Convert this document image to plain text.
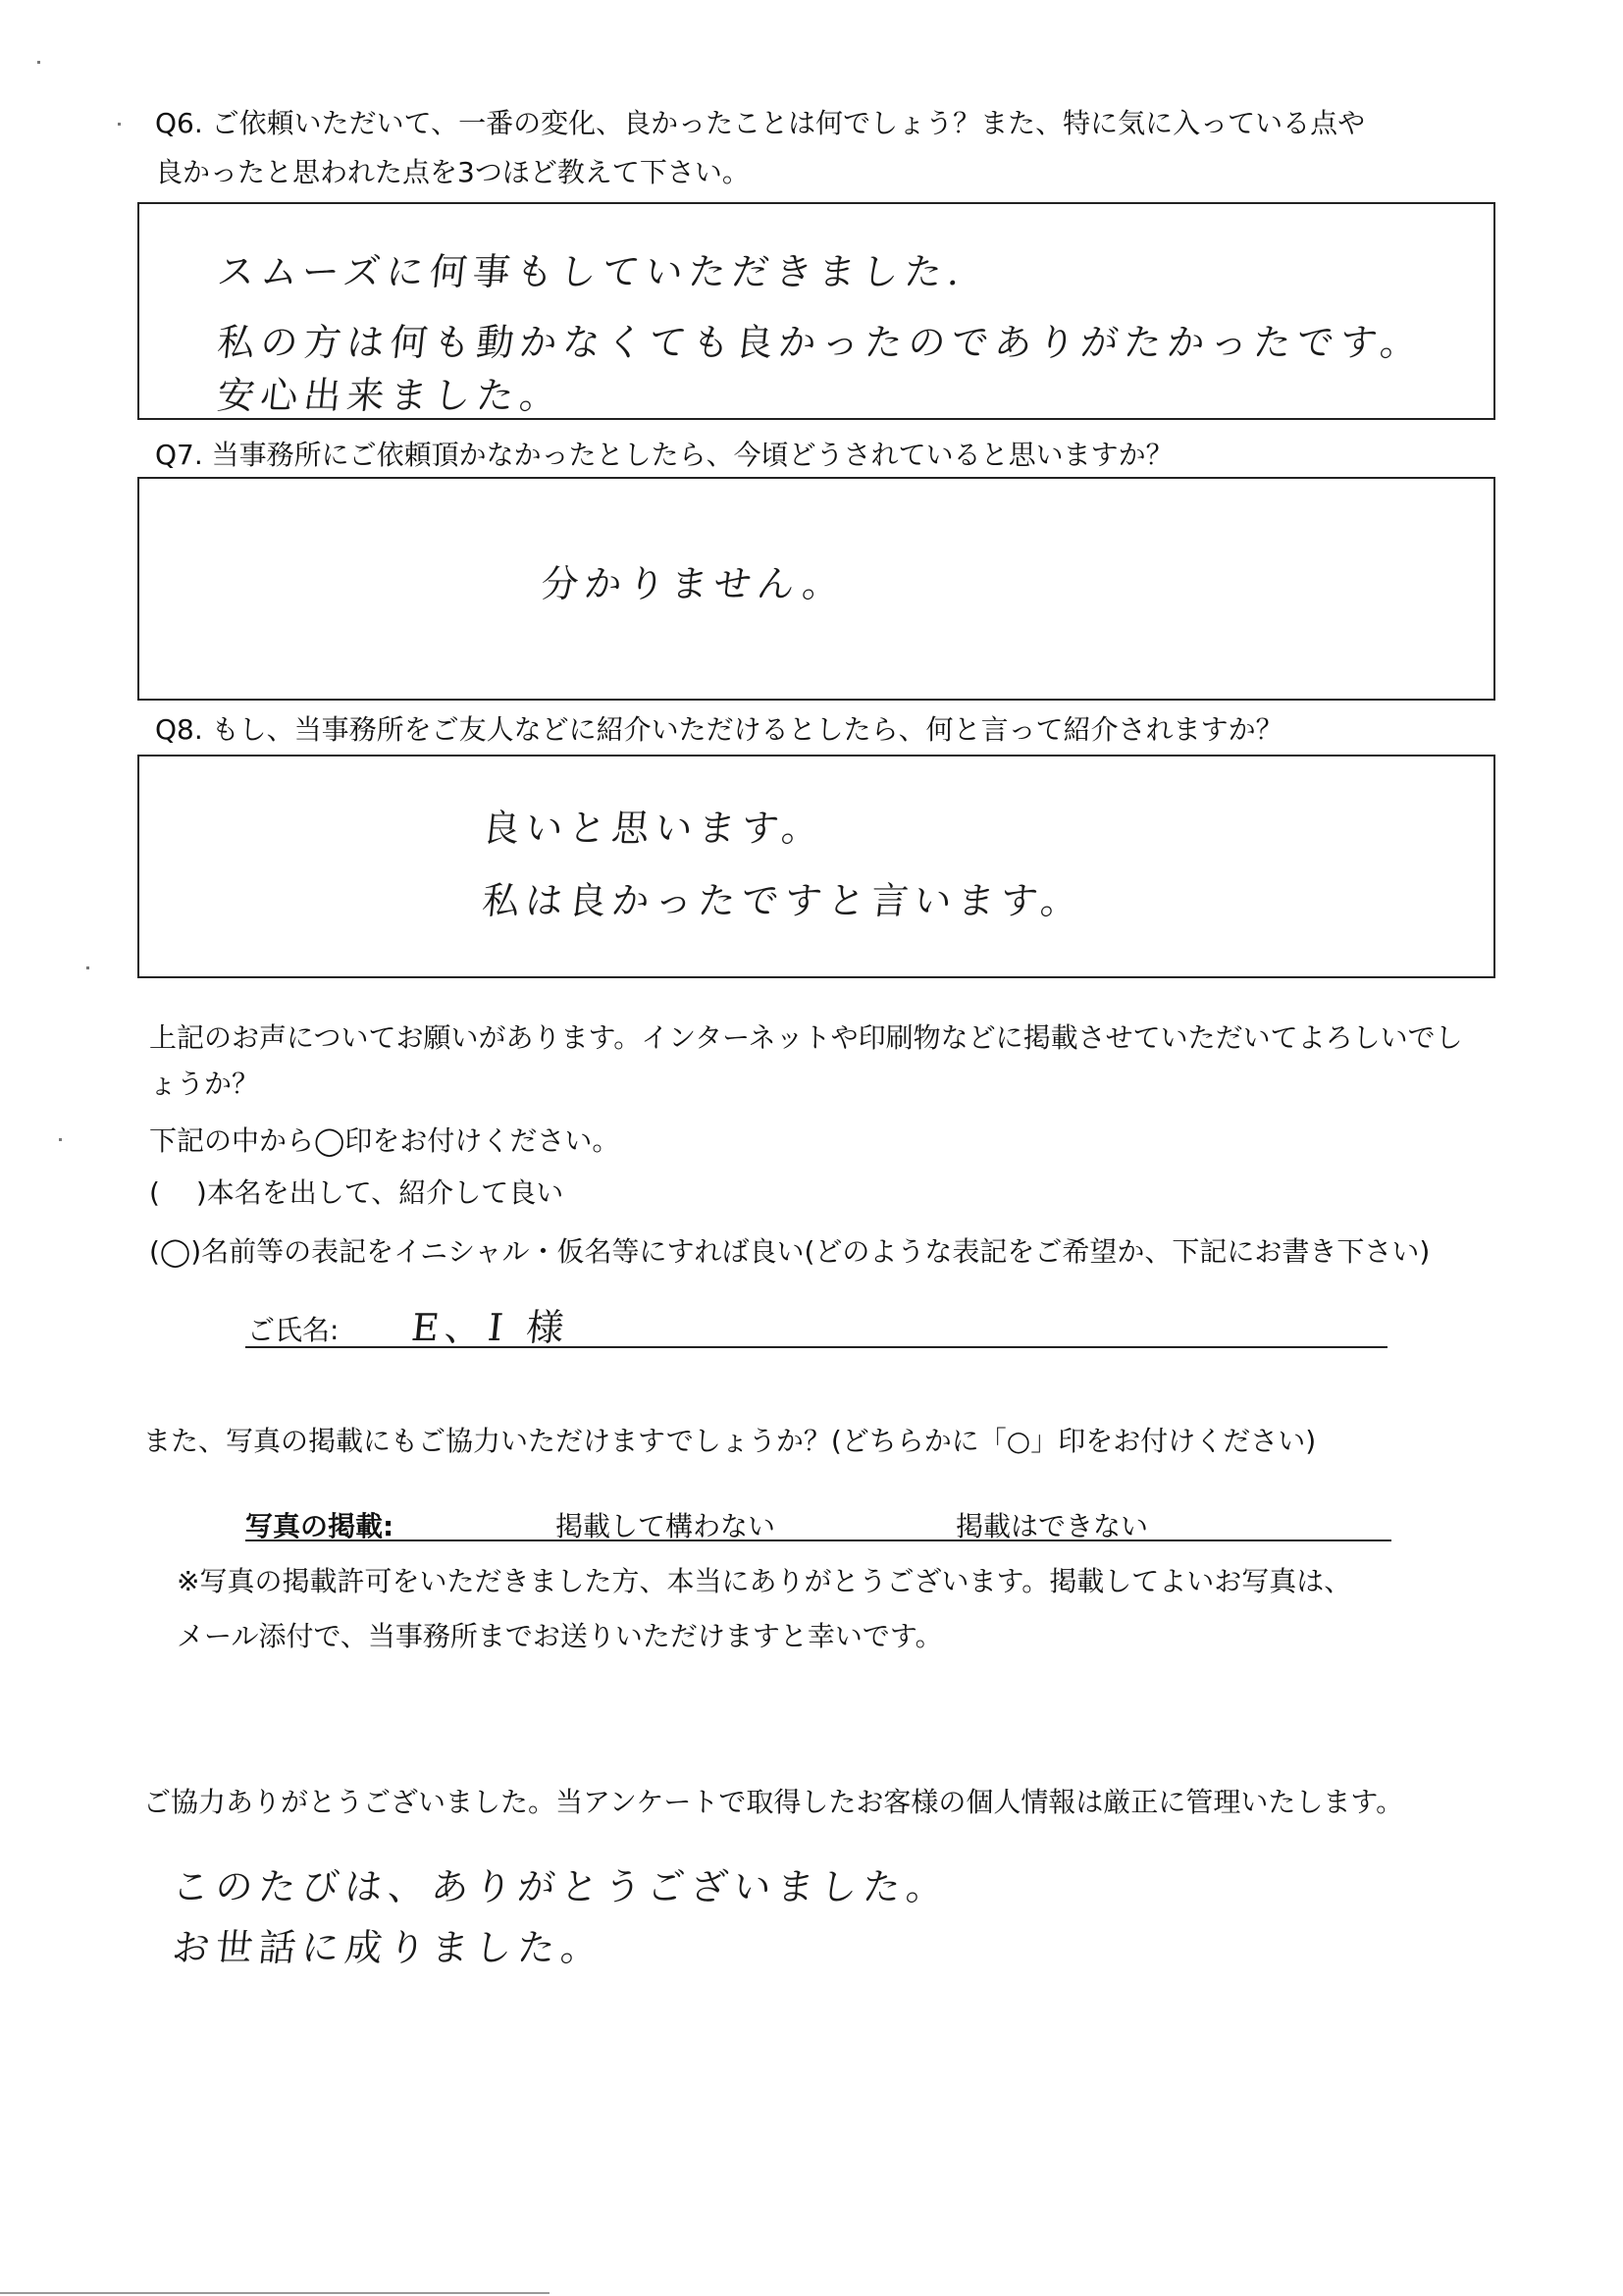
Q6. ご依頼いただいて、一番の変化、良かったことは何でしょう？また、特に気に入っている点や
良かったと思われた点を3つほど教えて下さい。
スムーズに何事もしていただきました.
私の方は何も動かなくても良かったのでありがたかったです。
安心出来ました。
Q7. 当事務所にご依頼頂かなかったとしたら、今頃どうされていると思いますか？
分かりません。
Q8. もし、当事務所をご友人などに紹介いただけるとしたら、何と言って紹介されますか？
良いと思います。
私は良かったですと言います。
上記のお声についてお願いがあります。インターネットや印刷物などに掲載させていただいてよろしいでし
ょうか？
下記の中から◯印をお付けください。
(　 )本名を出して、紹介して良い
(◯)名前等の表記をイニシャル・仮名等にすれば良い(どのような表記をご希望か、下記にお書き下さい)
ご氏名: E、I 様
また、写真の掲載にもご協力いただけますでしょうか？(どちらかに「○」印をお付けください)
写真の掲載:	掲載して構わない	掲載はできない
※写真の掲載許可をいただきました方、本当にありがとうございます。掲載してよいお写真は、
メール添付で、当事務所までお送りいただけますと幸いです。
ご協力ありがとうございました。当アンケートで取得したお客様の個人情報は厳正に管理いたします。
このたびは、ありがとうございました。
お世話に成りました。
